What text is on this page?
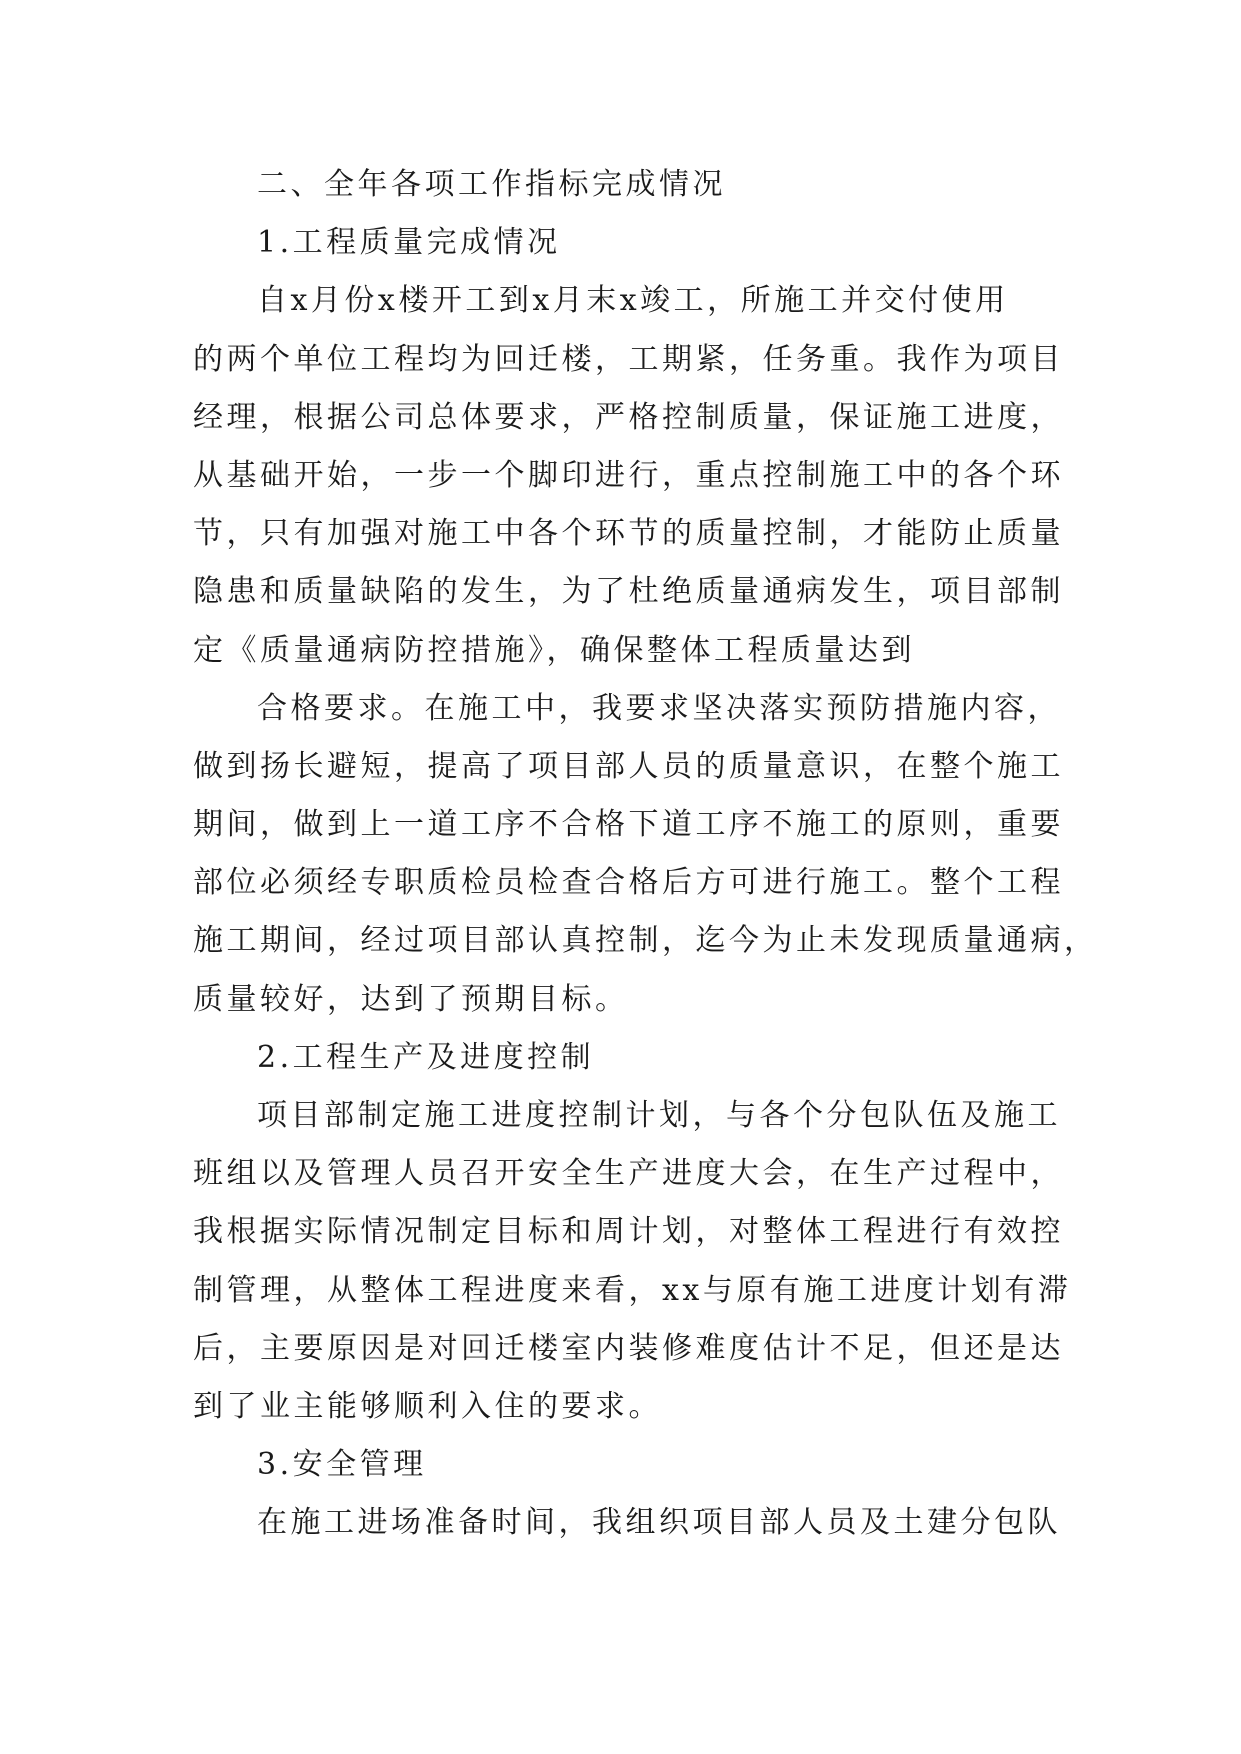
二、全年各项工作指标完成情况
1.工程质量完成情况
自x月份x楼开工到x月末x竣工，所施工并交付使用
的两个单位工程均为回迁楼，工期紧，任务重。我作为项目
经理，根据公司总体要求，严格控制质量，保证施工进度，
从基础开始，一步一个脚印进行，重点控制施工中的各个环
节，只有加强对施工中各个环节的质量控制，才能防止质量
隐患和质量缺陷的发生，为了杜绝质量通病发生，项目部制
定《质量通病防控措施》，确保整体工程质量达到
合格要求。在施工中，我要求坚决落实预防措施内容，
做到扬长避短，提高了项目部人员的质量意识，在整个施工
期间，做到上一道工序不合格下道工序不施工的原则，重要
部位必须经专职质检员检查合格后方可进行施工。整个工程
施工期间，经过项目部认真控制，迄今为止未发现质量通病，
质量较好，达到了预期目标。
2.工程生产及进度控制
项目部制定施工进度控制计划，与各个分包队伍及施工
班组以及管理人员召开安全生产进度大会，在生产过程中，
我根据实际情况制定目标和周计划，对整体工程进行有效控
制管理，从整体工程进度来看，xx与原有施工进度计划有滞
后，主要原因是对回迁楼室内装修难度估计不足，但还是达
到了业主能够顺利入住的要求。
3.安全管理
在施工进场准备时间，我组织项目部人员及土建分包队
